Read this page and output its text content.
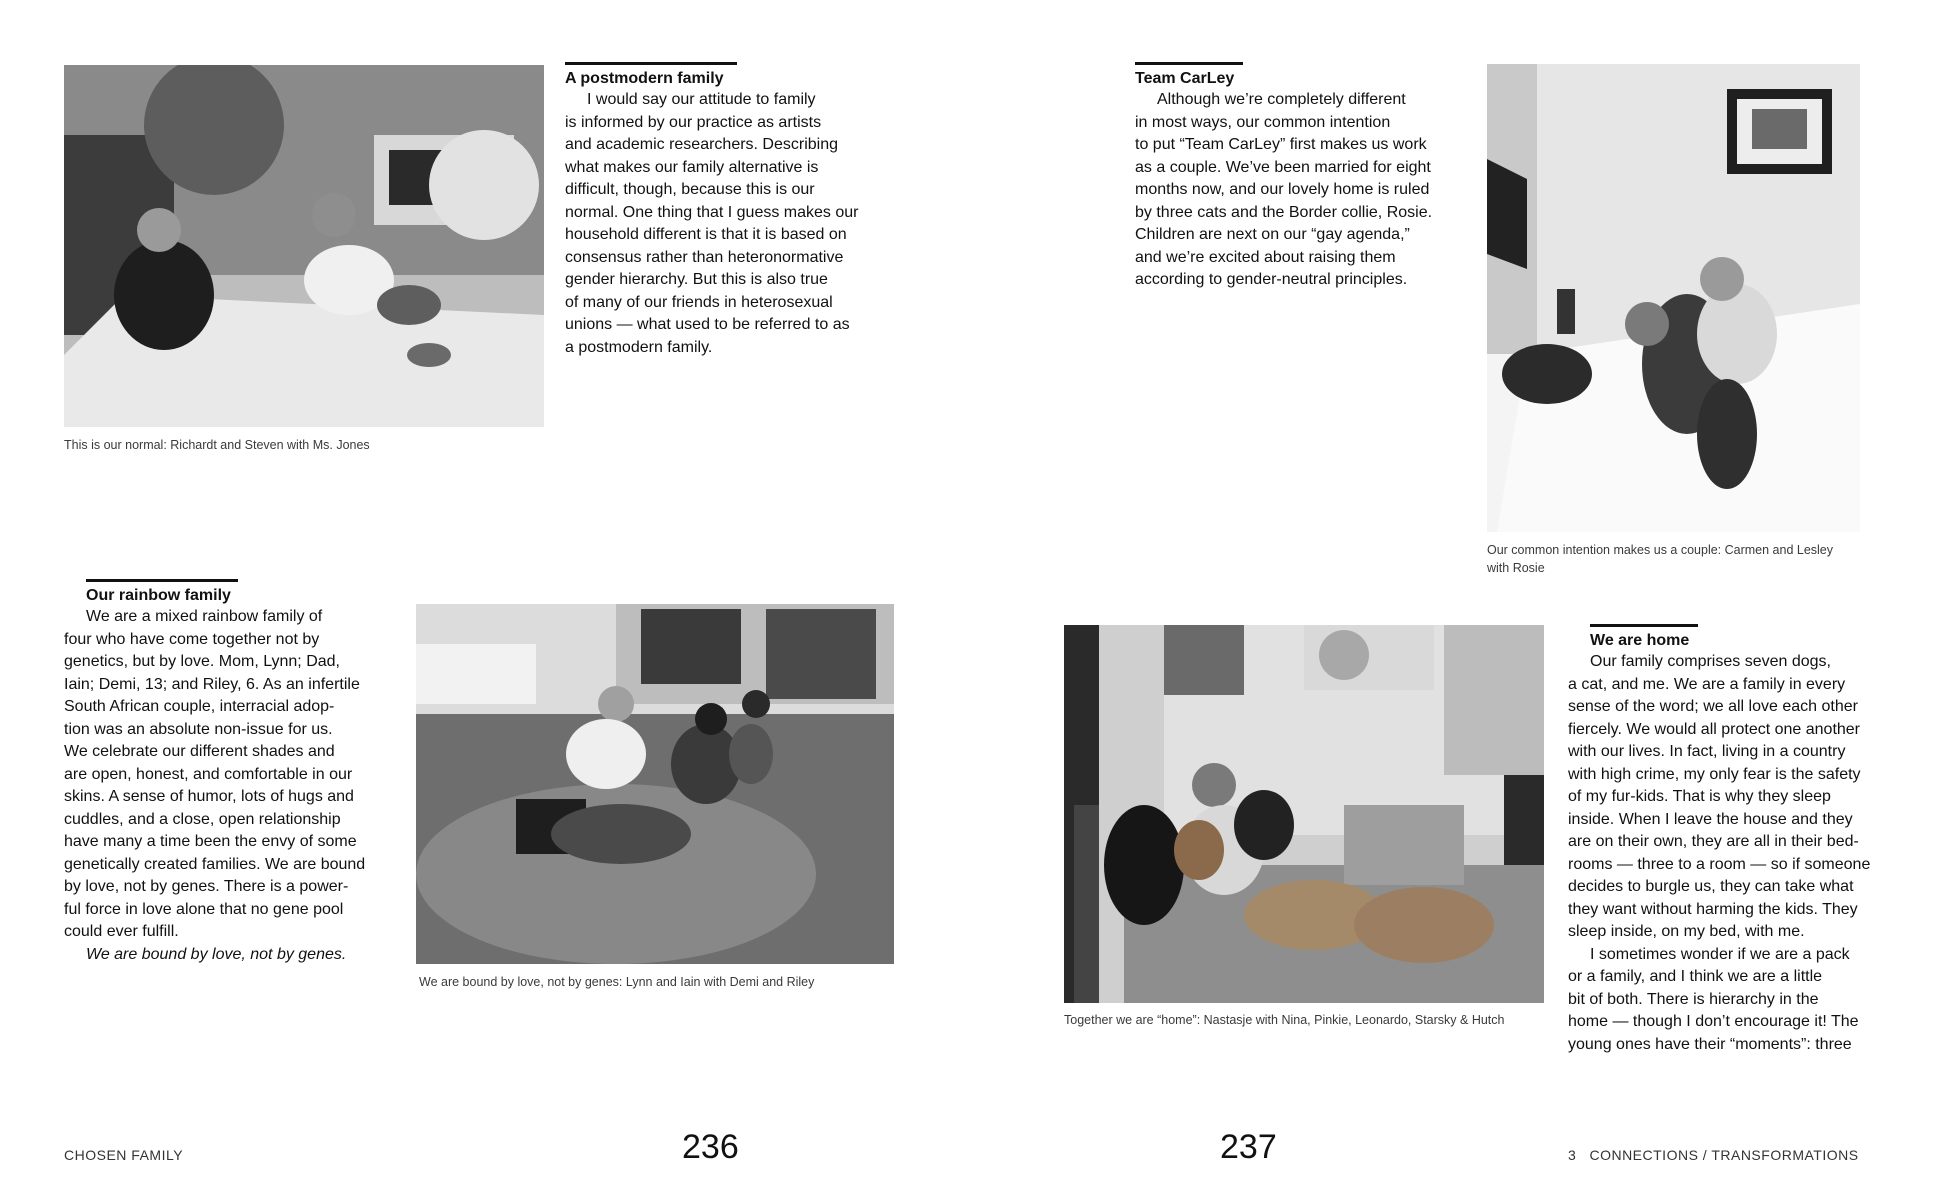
This is our normal: Richardt and Steven with Ms. Jones
A postmodern family

I would say our attitude to family
is informed by our practice as artists
and academic researchers. Describing
what makes our family alternative is
difficult, though, because this is our
normal. One thing that I guess makes our
household different is that it is based on
consensus rather than heteronormative
gender hierarchy. But this is also true
of many of our friends in heterosexual
unions — what used to be referred to as
a postmodern family.

Team CarLey

Although we’re completely different
in most ways, our common intention
to put “Team CarLey” first makes us work
as a couple. We’ve been married for eight
months now, and our lovely home is ruled
by three cats and the Border collie, Rosie.
Children are next on our “gay agenda,”
and we’re excited about raising them
according to gender-neutral principles.

Our common intention makes us a couple: Carmen and Lesley
with Rosie
Our rainbow family

We are a mixed rainbow family of
four who have come together not by
genetics, but by love. Mom, Lynn; Dad,
Iain; Demi, 13; and Riley, 6. As an infertile
South African couple, interracial adop-
tion was an absolute non-issue for us.
We celebrate our different shades and
are open, honest, and comfortable in our
skins. A sense of humor, lots of hugs and
cuddles, and a close, open relationship
have many a time been the envy of some
genetically created families. We are bound
by love, not by genes. There is a power-
ful force in love alone that no gene pool
could ever fulfill.

We are bound by love, not by genes.

We are bound by love, not by genes: Lynn and Iain with Demi and Riley
Together we are “home”: Nastasje with Nina, Pinkie, Leonardo, Starsky & Hutch
We are home

Our family comprises seven dogs,
a cat, and me. We are a family in every
sense of the word; we all love each other
fiercely. We would all protect one another
with our lives. In fact, living in a country
with high crime, my only fear is the safety
of my fur-kids. That is why they sleep
inside. When I leave the house and they
are on their own, they are all in their bed-
rooms — three to a room — so if someone
decides to burgle us, they can take what
they want without harming the kids. They
sleep inside, on my bed, with me.

I sometimes wonder if we are a pack
or a family, and I think we are a little
bit of both. There is hierarchy in the
home — though I don’t encourage it! The
young ones have their “moments”: three

CHOSEN FAMILY	236	237	3   CONNECTIONS / TRANSFORMATIONS
